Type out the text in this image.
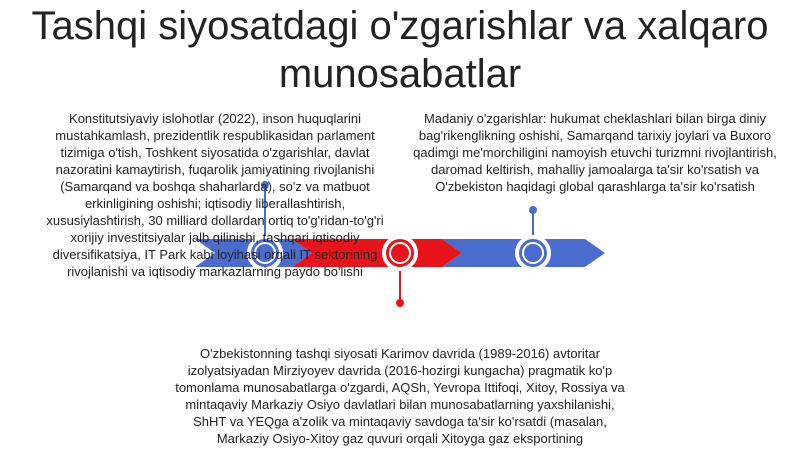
Tashqi siyosatdagi o'zgarishlar va xalqaro munosabatlar
Konstitutsiyaviy islohotlar (2022), inson huquqlarini mustahkamlash, prezidentlik respublikasidan parlament tizimiga o'tish, Toshkent siyosatida o'zgarishlar, davlat nazoratini kamaytirish, fuqarolik jamiyatining rivojlanishi (Samarqand va boshqa shaharlarda), so'z va matbuot erkinligining oshishi; iqtisodiy liberallashtirish, xususiylashtirish, 30 milliard dollardan ortiq to'g'ridan-to'g'ri xorijiy investitsiyalar jalb qilinishi, tashqari iqtisodiy diversifikatsiya, IT Park kabi loyihasi orqali IT sektorining rivojlanishi va iqtisodiy markazlarning paydo bo'lishi
Madaniy o'zgarishlar: hukumat cheklashlari bilan birga diniy bag'rikenglikning oshishi, Samarqand tarixiy joylari va Buxoro qadimgi me'morchiligini namoyish etuvchi turizmni rivojlantirish, daromad keltirish, mahalliy jamoalarga ta'sir ko'rsatish va O'zbekiston haqidagi global qarashlarga ta'sir ko'rsatish
O'zbekistonning tashqi siyosati Karimov davrida (1989-2016) avtoritar izolyatsiyadan Mirziyoyev davrida (2016-hozirgi kungacha) pragmatik ko'p tomonlama munosabatlarga o'zgardi, AQSh, Yevropa Ittifoqi, Xitoy, Rossiya va mintaqaviy Markaziy Osiyo davlatlari bilan munosabatlarning yaxshilanishi, ShHT va YEQga a'zolik va mintaqaviy savdoga ta'sir ko'rsatdi (masalan, Markaziy Osiyo-Xitoy gaz quvuri orqali Xitoyga gaz eksportining
